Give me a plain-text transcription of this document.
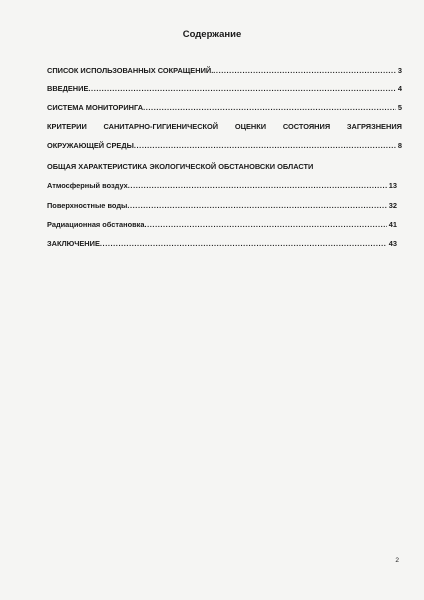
Содержание
СПИСОК ИСПОЛЬЗОВАННЫХ СОКРАЩЕНИЙ. .....	3
ВВЕДЕНИЕ .....	4
СИСТЕМА МОНИТОРИНГА .....	5
КРИТЕРИИ САНИТАРНО-ГИГИЕНИЧЕСКОЙ ОЦЕНКИ СОСТОЯНИЯ ЗАГРЯЗНЕНИЯ
ОКРУЖАЮЩЕЙ СРЕДЫ .....	8
ОБЩАЯ ХАРАКТЕРИСТИКА ЭКОЛОГИЧЕСКОЙ ОБСТАНОВСКИ ОБЛАСТИ
Атмосферный воздух .....	13
Поверхностные воды .....	32
Радиационная обстановка .....	41
ЗАКЛЮЧЕНИЕ .....	43
2
